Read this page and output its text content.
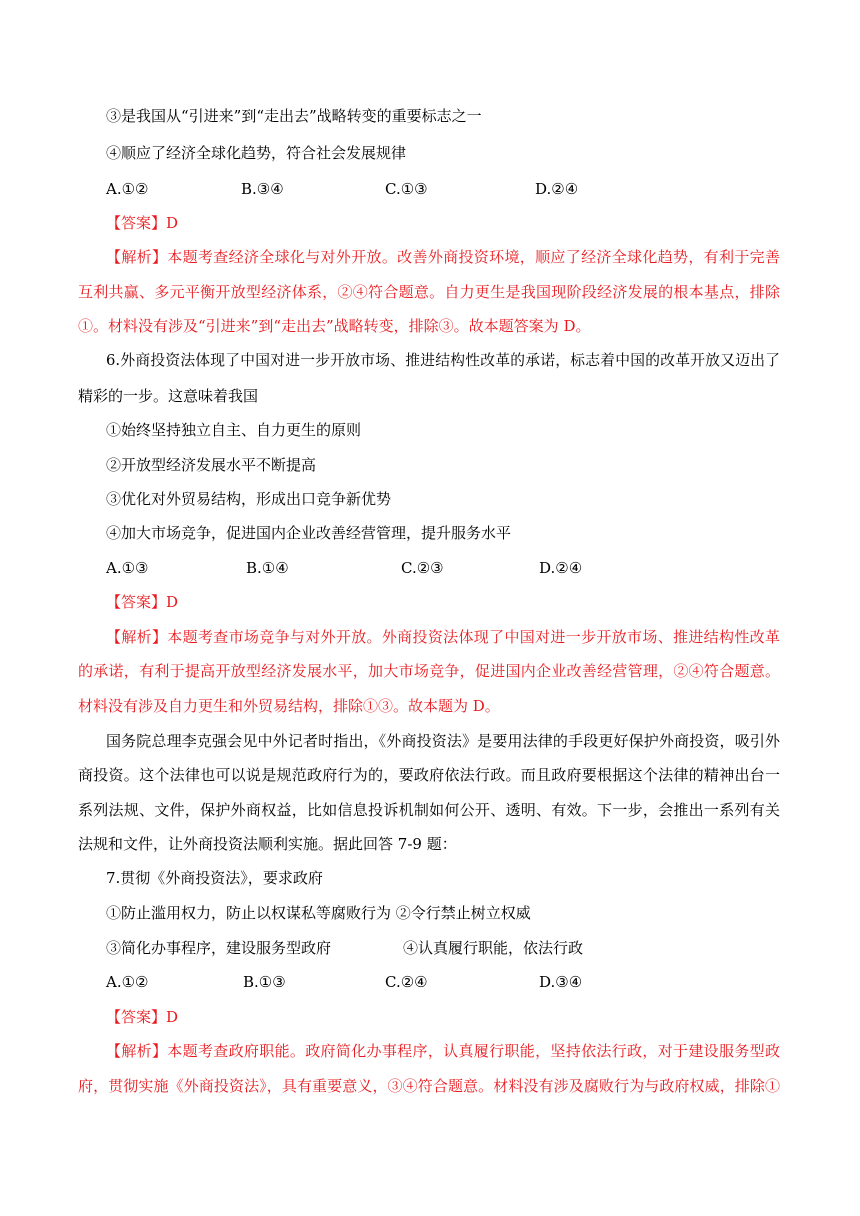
③是我国从“引进来”到“走出去”战略转变的重要标志之一
④顺应了经济全球化趋势，符合社会发展规律
A.①②	B.③④	C.①③	D.②④
【答案】D
【解析】本题考查经济全球化与对外开放。改善外商投资环境，顺应了经济全球化趋势，有利于完善
互利共赢、多元平衡开放型经济体系，②④符合题意。自力更生是我国现阶段经济发展的根本基点，排除
①。材料没有涉及“引进来”到“走出去”战略转变，排除③。故本题答案为 D。
6.外商投资法体现了中国对进一步开放市场、推进结构性改革的承诺，标志着中国的改革开放又迈出了
精彩的一步。这意味着我国
①始终坚持独立自主、自力更生的原则
②开放型经济发展水平不断提高
③优化对外贸易结构，形成出口竞争新优势
④加大市场竞争，促进国内企业改善经营管理，提升服务水平
A.①③	B.①④	C.②③	D.②④
【答案】D
【解析】本题考查市场竞争与对外开放。外商投资法体现了中国对进一步开放市场、推进结构性改革
的承诺，有利于提高开放型经济发展水平，加大市场竞争，促进国内企业改善经营管理，②④符合题意。
材料没有涉及自力更生和外贸易结构，排除①③。故本题为 D。
国务院总理李克强会见中外记者时指出，《外商投资法》是要用法律的手段更好保护外商投资，吸引外
商投资。这个法律也可以说是规范政府行为的，要政府依法行政。而且政府要根据这个法律的精神出台一
系列法规、文件，保护外商权益，比如信息投诉机制如何公开、透明、有效。下一步，会推出一系列有关
法规和文件，让外商投资法顺利实施。据此回答 7-9 题：
7.贯彻《外商投资法》，要求政府
①防止滥用权力，防止以权谋私等腐败行为 ②令行禁止树立权威
③简化办事程序，建设服务型政府	④认真履行职能，依法行政
A.①②	B.①③	C.②④	D.③④
【答案】D
【解析】本题考查政府职能。政府简化办事程序，认真履行职能，坚持依法行政，对于建设服务型政
府，贯彻实施《外商投资法》，具有重要意义，③④符合题意。材料没有涉及腐败行为与政府权威，排除①
